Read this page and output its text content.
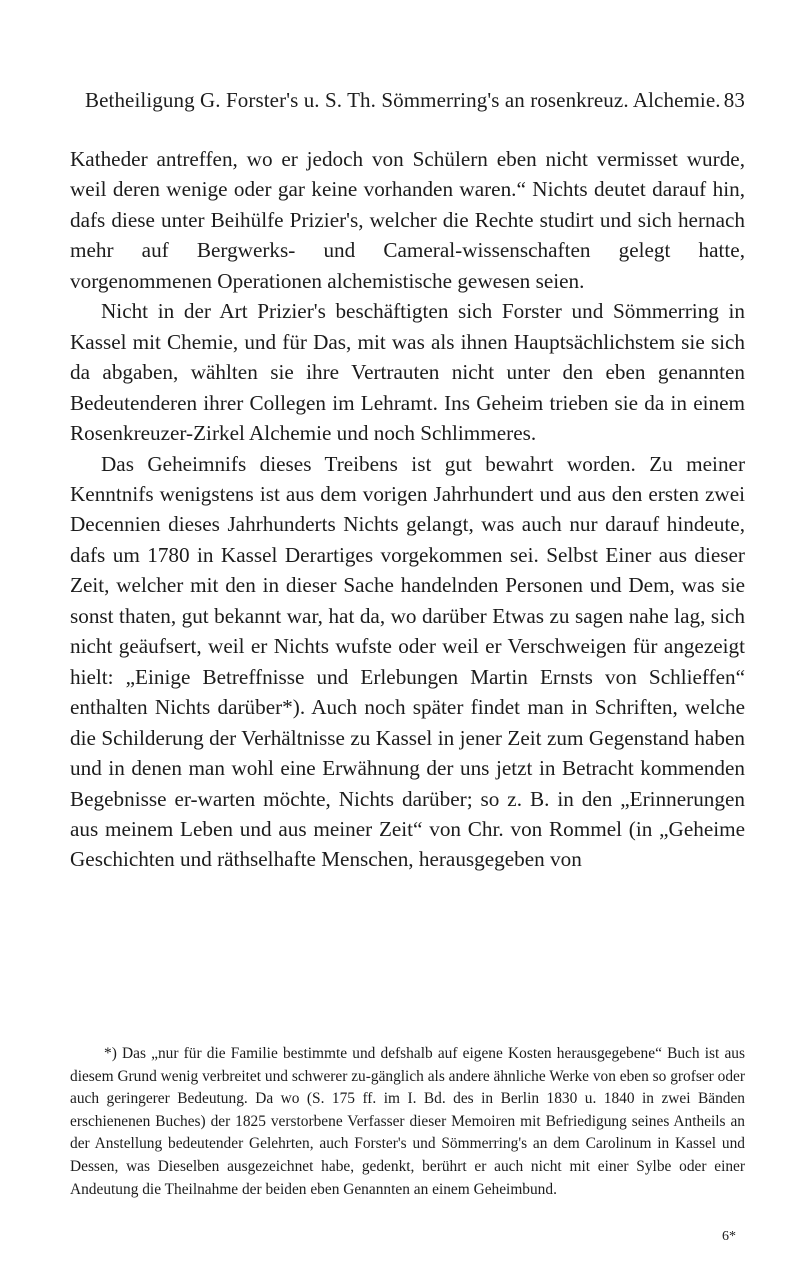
Betheiligung G. Forster's u. S. Th. Sömmerring's an rosenkreuz. Alchemie. 83

Katheder antreffen, wo er jedoch von Schülern eben nicht vermisset wurde, weil deren wenige oder gar keine vorhanden waren.“ Nichts deutet darauf hin, dafs diese unter Beihülfe Prizier's, welcher die Rechte studirt und sich hernach mehr auf Bergwerks- und Cameral-wissenschaften gelegt hatte, vorgenommenen Operationen alchemistische gewesen seien.

Nicht in der Art Prizier's beschäftigten sich Forster und Sömmerring in Kassel mit Chemie, und für Das, mit was als ihnen Hauptsächlichstem sie sich da abgaben, wählten sie ihre Vertrauten nicht unter den eben genannten Bedeutenderen ihrer Collegen im Lehramt. Ins Geheim trieben sie da in einem Rosenkreuzer-Zirkel Alchemie und noch Schlimmeres.

Das Geheimnifs dieses Treibens ist gut bewahrt worden. Zu meiner Kenntnifs wenigstens ist aus dem vorigen Jahrhundert und aus den ersten zwei Decennien dieses Jahrhunderts Nichts gelangt, was auch nur darauf hindeute, dafs um 1780 in Kassel Derartiges vorgekommen sei. Selbst Einer aus dieser Zeit, welcher mit den in dieser Sache handelnden Personen und Dem, was sie sonst thaten, gut bekannt war, hat da, wo darüber Etwas zu sagen nahe lag, sich nicht geäufsert, weil er Nichts wufste oder weil er Verschweigen für angezeigt hielt: „Einige Betreffnisse und Erlebungen Martin Ernsts von Schlieffen“ enthalten Nichts darüber*). Auch noch später findet man in Schriften, welche die Schilderung der Verhältnisse zu Kassel in jener Zeit zum Gegenstand haben und in denen man wohl eine Erwähnung der uns jetzt in Betracht kommenden Begebnisse er-warten möchte, Nichts darüber; so z. B. in den „Erinnerungen aus meinem Leben und aus meiner Zeit“ von Chr. von Rommel (in „Geheime Geschichten und räthselhafte Menschen, herausgegeben von

*) Das „nur für die Familie bestimmte und defshalb auf eigene Kosten herausgegebene“ Buch ist aus diesem Grund wenig verbreitet und schwerer zu-gänglich als andere ähnliche Werke von eben so grofser oder auch geringerer Bedeutung. Da wo (S. 175 ff. im I. Bd. des in Berlin 1830 u. 1840 in zwei Bänden erschienenen Buches) der 1825 verstorbene Verfasser dieser Memoiren mit Befriedigung seines Antheils an der Anstellung bedeutender Gelehrten, auch Forster's und Sömmerring's an dem Carolinum in Kassel und Dessen, was Dieselben ausgezeichnet habe, gedenkt, berührt er auch nicht mit einer Sylbe oder einer Andeutung die Theilnahme der beiden eben Genannten an einem Geheimbund.

6*
